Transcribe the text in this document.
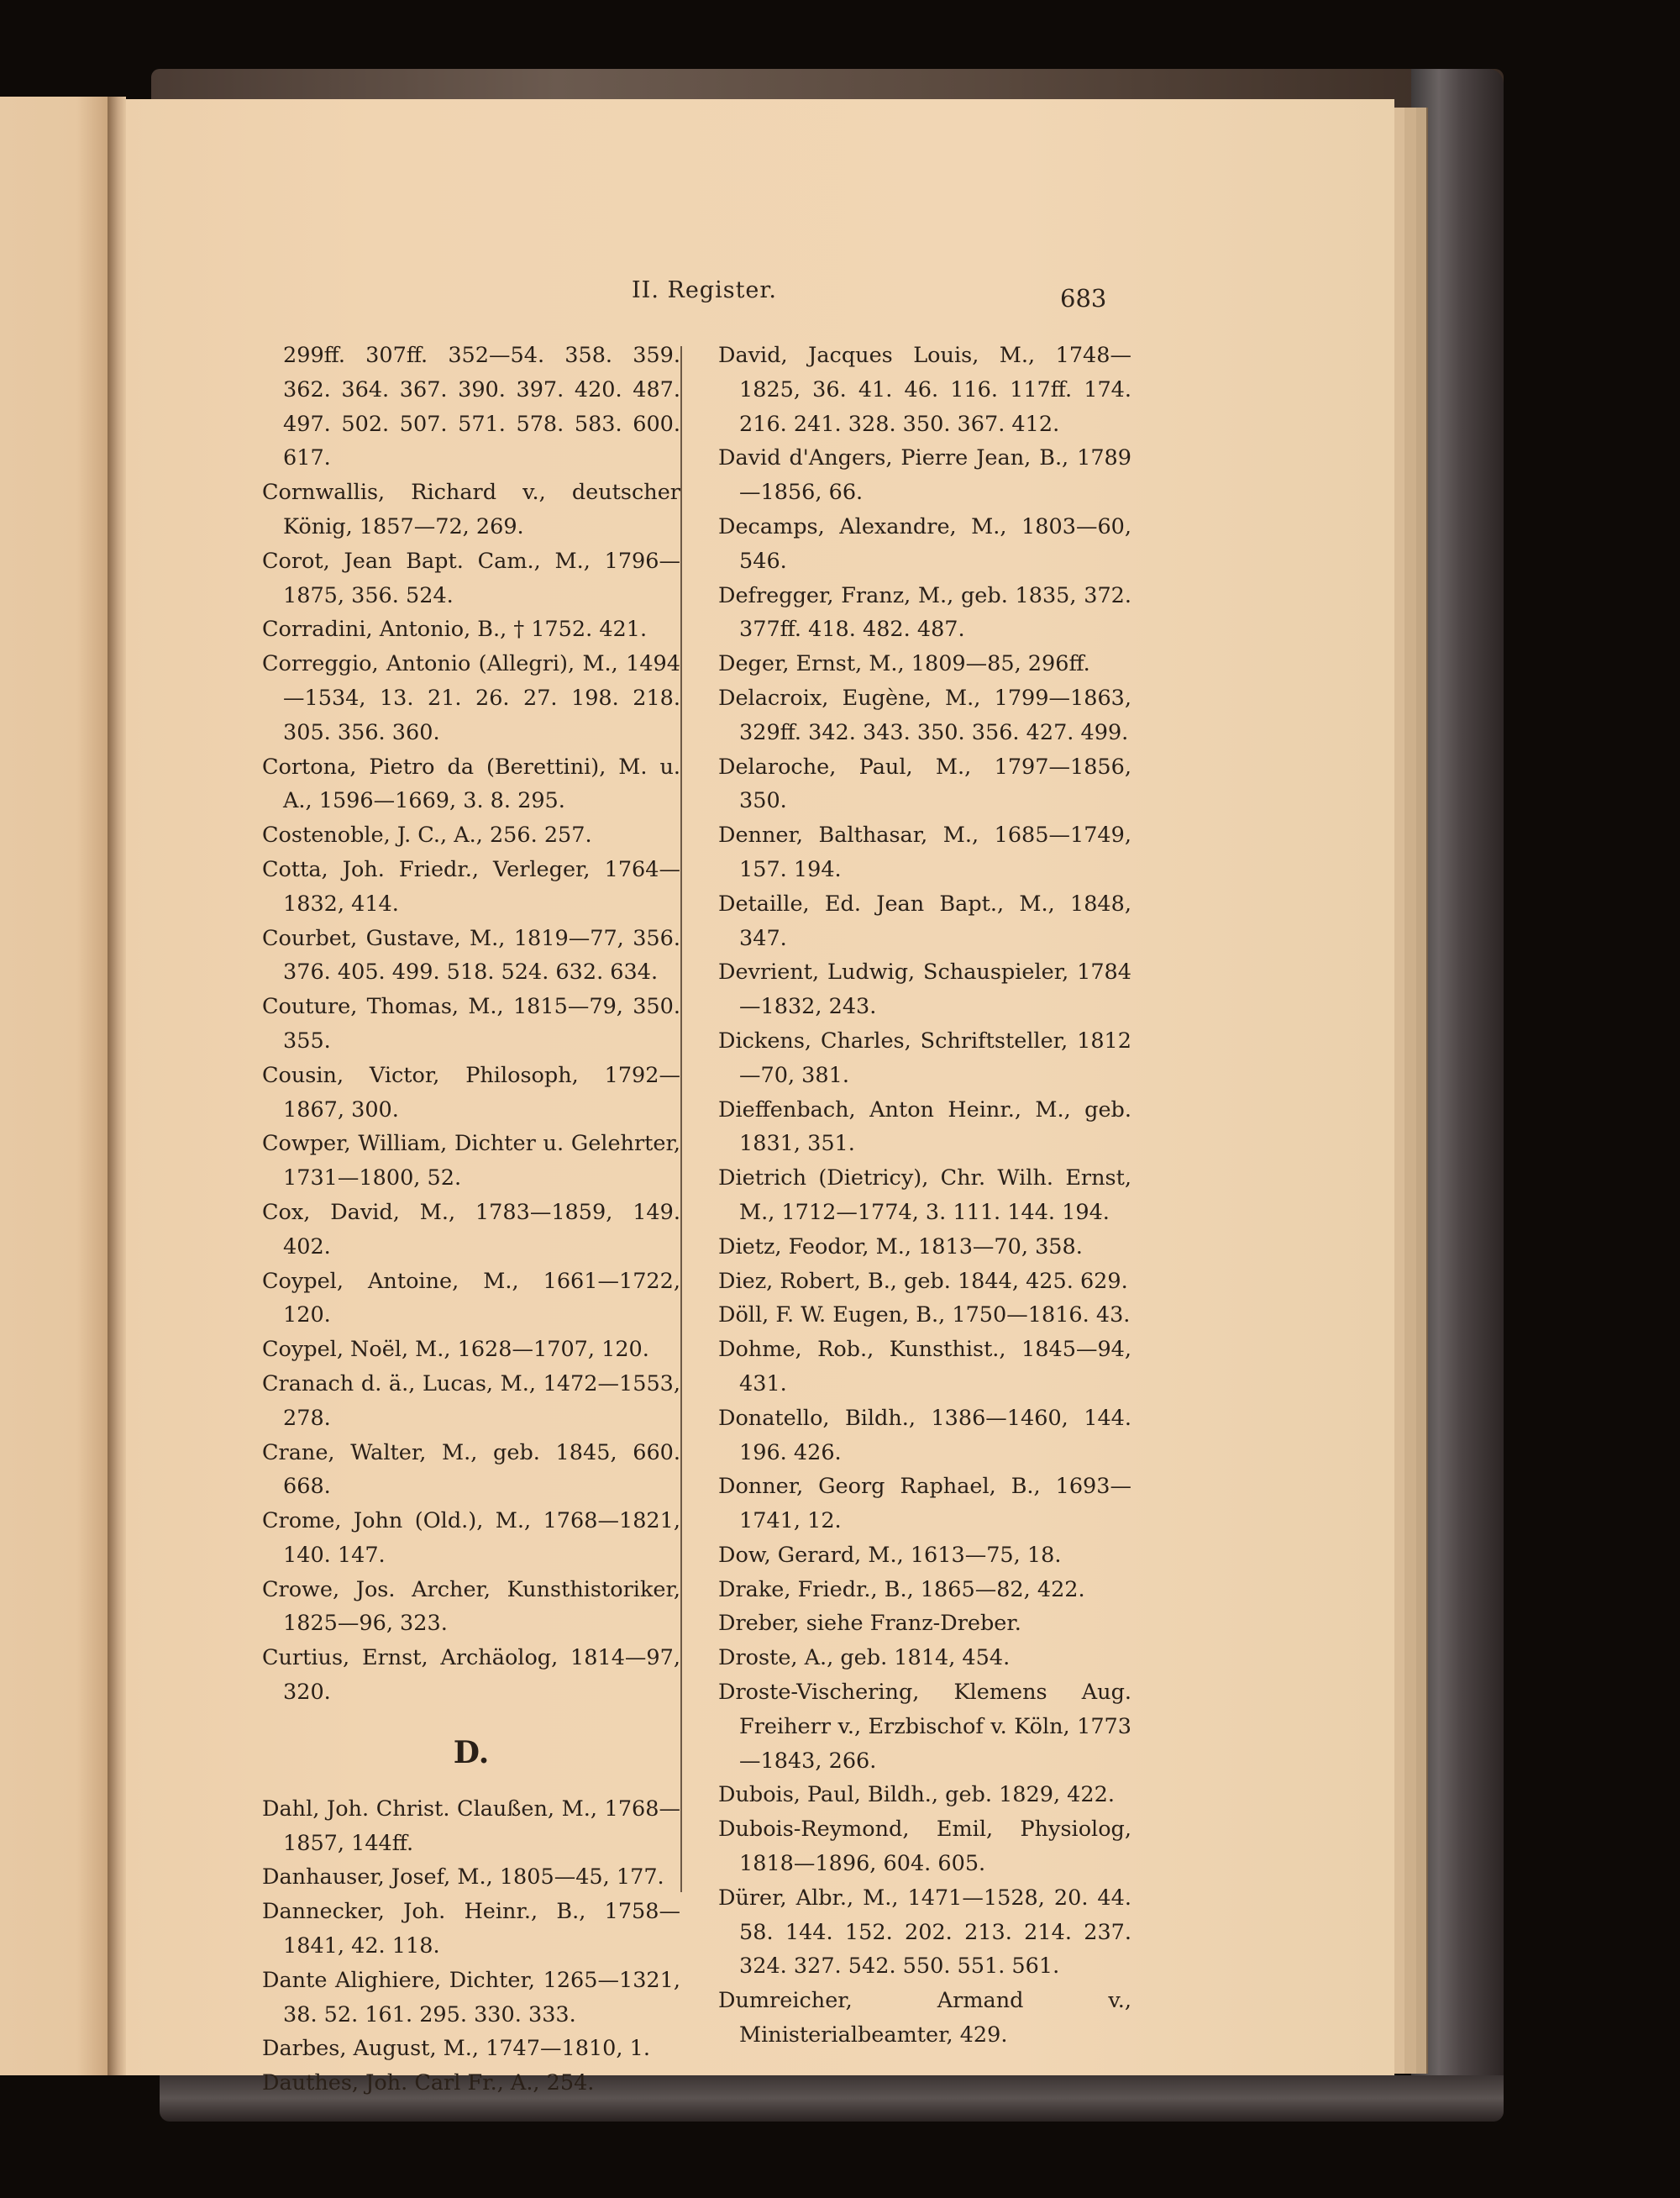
II. Register.	683

299ff. 307ff. 352—54. 358. 359. 362. 364. 367. 390. 397. 420. 487. 497. 502. 507. 571. 578. 583. 600. 617.

Cornwallis, Richard v., deutscher König, 1857—72, 269.

Corot, Jean Bapt. Cam., M., 1796—1875, 356. 524.

Corradini, Antonio, B., † 1752. 421.

Correggio, Antonio (Allegri), M., 1494—1534, 13. 21. 26. 27. 198. 218. 305. 356. 360.

Cortona, Pietro da (Berettini), M. u. A., 1596—1669, 3. 8. 295.

Costenoble, J. C., A., 256. 257.

Cotta, Joh. Friedr., Verleger, 1764—1832, 414.

Courbet, Gustave, M., 1819—77, 356. 376. 405. 499. 518. 524. 632. 634.

Couture, Thomas, M., 1815—79, 350. 355.

Cousin, Victor, Philosoph, 1792—1867, 300.

Cowper, William, Dichter u. Gelehrter, 1731—1800, 52.

Cox, David, M., 1783—1859, 149. 402.

Coypel, Antoine, M., 1661—1722, 120.

Coypel, Noël, M., 1628—1707, 120.

Cranach d. ä., Lucas, M., 1472—1553, 278.

Crane, Walter, M., geb. 1845, 660. 668.

Crome, John (Old.), M., 1768—1821, 140. 147.

Crowe, Jos. Archer, Kunsthistoriker, 1825—96, 323.

Curtius, Ernst, Archäolog, 1814—97, 320.

D.

Dahl, Joh. Christ. Claußen, M., 1768—1857, 144ff.

Danhauser, Josef, M., 1805—45, 177.

Dannecker, Joh. Heinr., B., 1758—1841, 42. 118.

Dante Alighiere, Dichter, 1265—1321, 38. 52. 161. 295. 330. 333.

Darbes, August, M., 1747—1810, 1.

Dauthes, Joh. Carl Fr., A., 254.

David, Jacques Louis, M., 1748—1825, 36. 41. 46. 116. 117ff. 174. 216. 241. 328. 350. 367. 412.

David d'Angers, Pierre Jean, B., 1789—1856, 66.

Decamps, Alexandre, M., 1803—60, 546.

Defregger, Franz, M., geb. 1835, 372. 377ff. 418. 482. 487.

Deger, Ernst, M., 1809—85, 296ff.

Delacroix, Eugène, M., 1799—1863, 329ff. 342. 343. 350. 356. 427. 499.

Delaroche, Paul, M., 1797—1856, 350.

Denner, Balthasar, M., 1685—1749, 157. 194.

Detaille, Ed. Jean Bapt., M., 1848, 347.

Devrient, Ludwig, Schauspieler, 1784—1832, 243.

Dickens, Charles, Schriftsteller, 1812—70, 381.

Dieffenbach, Anton Heinr., M., geb. 1831, 351.

Dietrich (Dietricy), Chr. Wilh. Ernst, M., 1712—1774, 3. 111. 144. 194.

Dietz, Feodor, M., 1813—70, 358.

Diez, Robert, B., geb. 1844, 425. 629.

Döll, F. W. Eugen, B., 1750—1816. 43.

Dohme, Rob., Kunsthist., 1845—94, 431.

Donatello, Bildh., 1386—1460, 144. 196. 426.

Donner, Georg Raphael, B., 1693—1741, 12.

Dow, Gerard, M., 1613—75, 18.

Drake, Friedr., B., 1865—82, 422.

Dreber, siehe Franz-Dreber.

Droste, A., geb. 1814, 454.

Droste-Vischering, Klemens Aug. Freiherr v., Erzbischof v. Köln, 1773—1843, 266.

Dubois, Paul, Bildh., geb. 1829, 422.

Dubois-Reymond, Emil, Physiolog, 1818—1896, 604. 605.

Dürer, Albr., M., 1471—1528, 20. 44. 58. 144. 152. 202. 213. 214. 237. 324. 327. 542. 550. 551. 561.

Dumreicher, Armand v., Ministerialbeamter, 429.
